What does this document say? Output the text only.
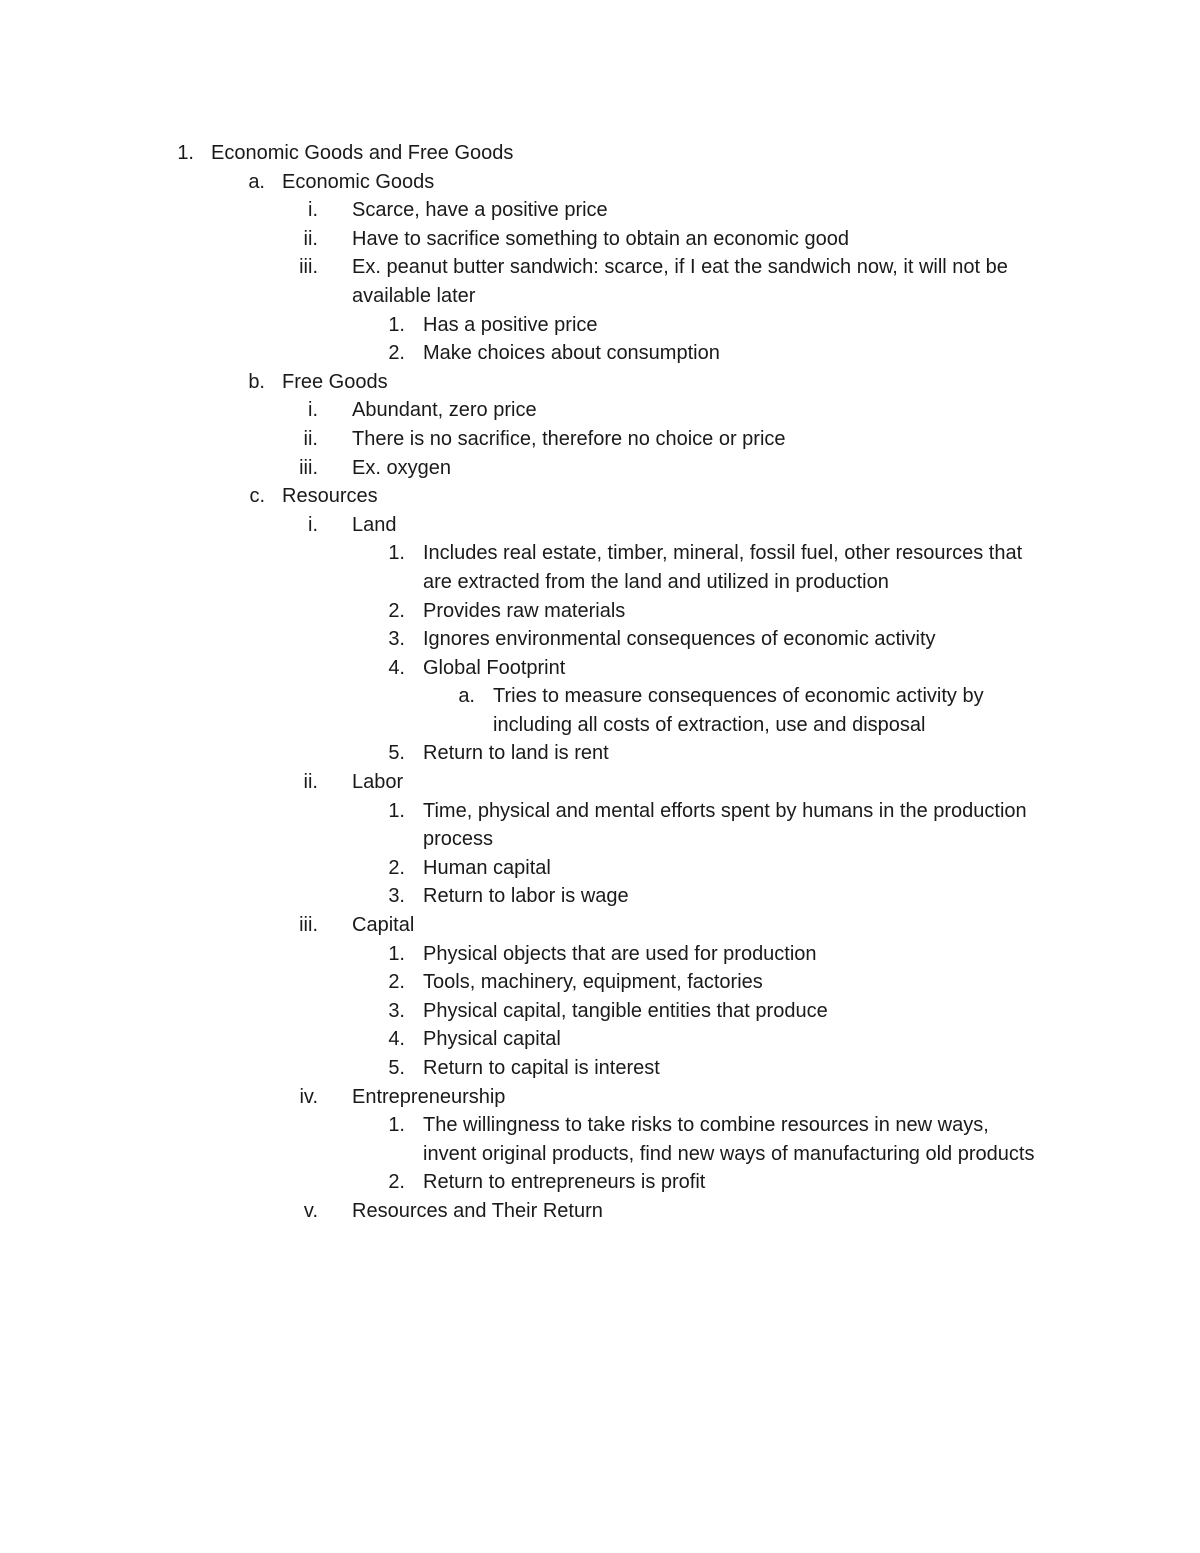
1. Economic Goods and Free Goods
a. Economic Goods
i. Scarce, have a positive price
ii. Have to sacrifice something to obtain an economic good
iii. Ex. peanut butter sandwich: scarce, if I eat the sandwich now, it will not be available later
1. Has a positive price
2. Make choices about consumption
b. Free Goods
i. Abundant, zero price
ii. There is no sacrifice, therefore no choice or price
iii. Ex. oxygen
c. Resources
i. Land
1. Includes real estate, timber, mineral, fossil fuel, other resources that are extracted from the land and utilized in production
2. Provides raw materials
3. Ignores environmental consequences of economic activity
4. Global Footprint
a. Tries to measure consequences of economic activity by including all costs of extraction, use and disposal
5. Return to land is rent
ii. Labor
1. Time, physical and mental efforts spent by humans in the production process
2. Human capital
3. Return to labor is wage
iii. Capital
1. Physical objects that are used for production
2. Tools, machinery, equipment, factories
3. Physical capital, tangible entities that produce
4. Physical capital
5. Return to capital is interest
iv. Entrepreneurship
1. The willingness to take risks to combine resources in new ways, invent original products, find new ways of manufacturing old products
2. Return to entrepreneurs is profit
v. Resources and Their Return
